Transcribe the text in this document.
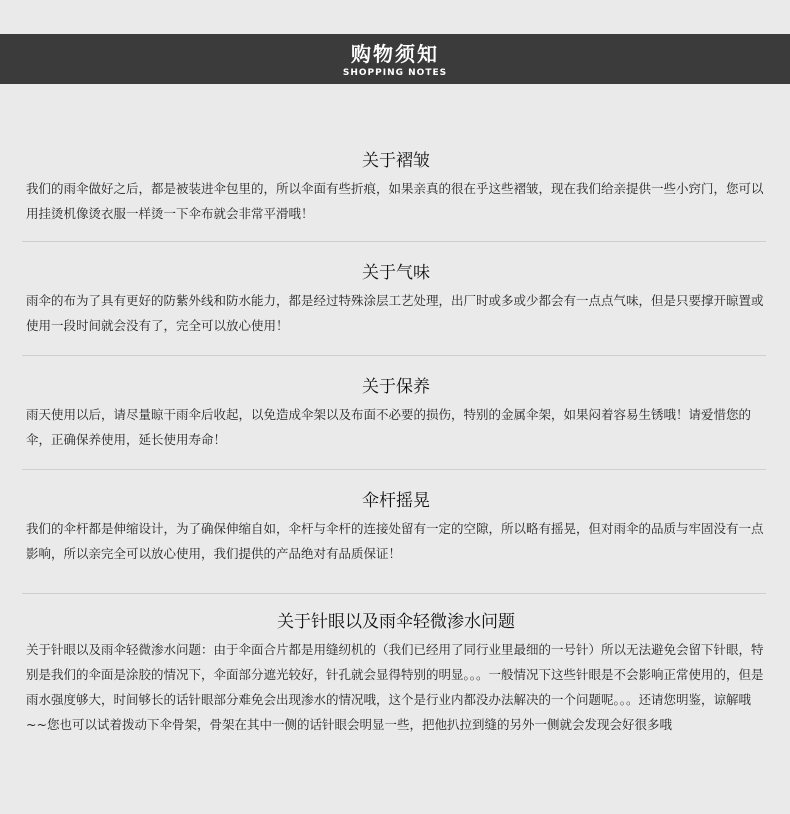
购物须知
SHOPPING NOTES

关于褶皱

我们的雨伞做好之后，都是被装进伞包里的，所以伞面有些折痕，如果亲真的很在乎这些褶皱，现在我们给亲提供一些小窍门，您可以用挂烫机像烫衣服一样烫一下伞布就会非常平滑哦！

关于气味

雨伞的布为了具有更好的防紫外线和防水能力，都是经过特殊涂层工艺处理，出厂时或多或少都会有一点点气味，但是只要撑开晾置或使用一段时间就会没有了，完全可以放心使用！

关于保养

雨天使用以后，请尽量晾干雨伞后收起，以免造成伞架以及布面不必要的损伤，特别的金属伞架，如果闷着容易生锈哦！请爱惜您的伞，正确保养使用，延长使用寿命！

伞杆摇晃

我们的伞杆都是伸缩设计，为了确保伸缩自如，伞杆与伞杆的连接处留有一定的空隙，所以略有摇晃，但对雨伞的品质与牢固没有一点影响，所以亲完全可以放心使用，我们提供的产品绝对有品质保证！

关于针眼以及雨伞轻微渗水问题

关于针眼以及雨伞轻微渗水问题：由于伞面合片都是用缝纫机的（我们已经用了同行业里最细的一号针）所以无法避免会留下针眼，特别是我们的伞面是涂胶的情况下，伞面部分遮光较好，针孔就会显得特别的明显。。。一般情况下这些针眼是不会影响正常使用的，但是雨水强度够大，时间够长的话针眼部分难免会出现渗水的情况哦，这个是行业内都没办法解决的一个问题呢。。。还请您明鉴，谅解哦~~您也可以试着拨动下伞骨架，骨架在其中一侧的话针眼会明显一些，把他扒拉到缝的另外一侧就会发现会好很多哦
